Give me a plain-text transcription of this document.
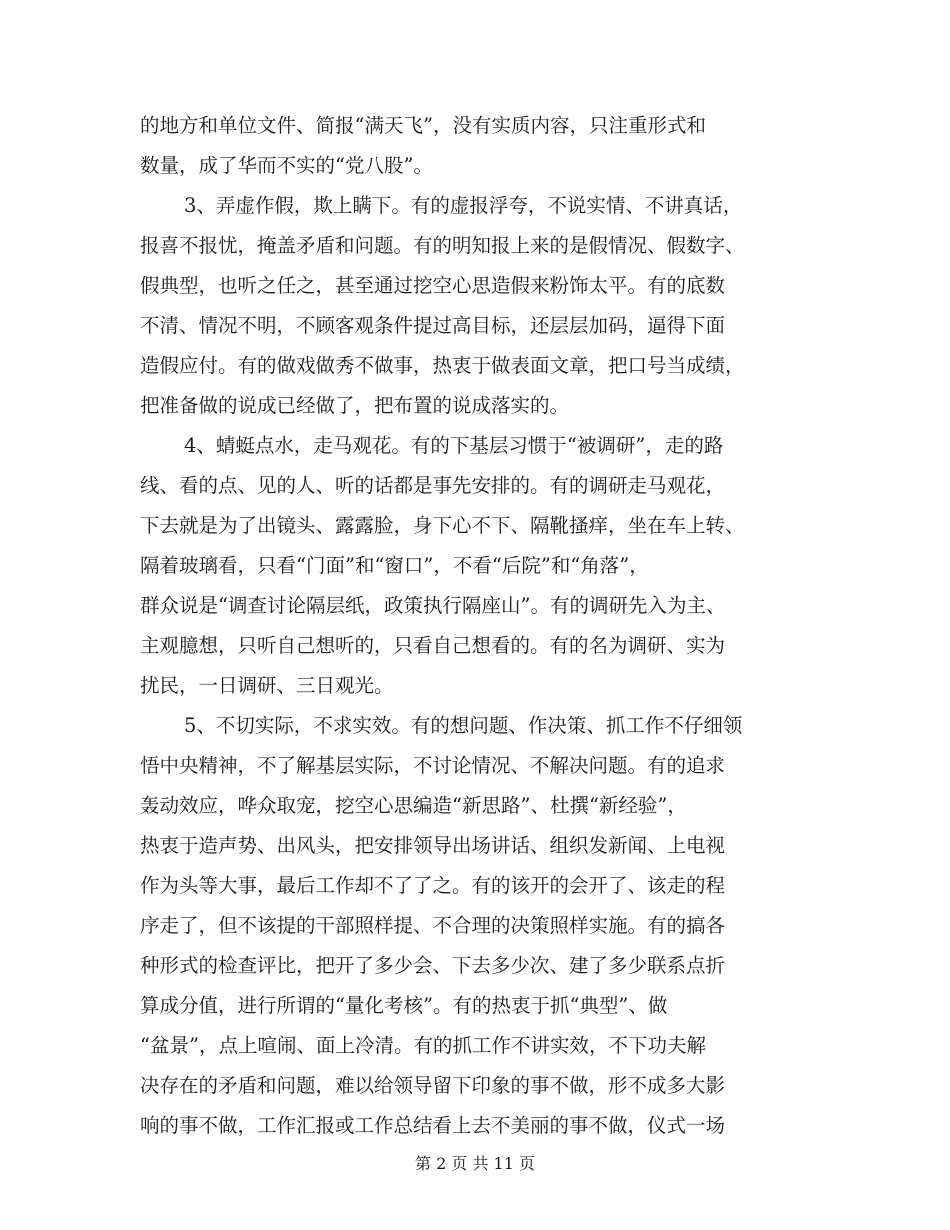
的地方和单位文件、简报“满天飞”，没有实质内容，只注重形式和
数量，成了华而不实的“党八股”。
3、弄虚作假，欺上瞒下。有的虚报浮夸，不说实情、不讲真话，
报喜不报忧，掩盖矛盾和问题。有的明知报上来的是假情况、假数字、
假典型，也听之任之，甚至通过挖空心思造假来粉饰太平。有的底数
不清、情况不明，不顾客观条件提过高目标，还层层加码，逼得下面
造假应付。有的做戏做秀不做事，热衷于做表面文章，把口号当成绩，
把准备做的说成已经做了，把布置的说成落实的。
4、蜻蜓点水，走马观花。有的下基层习惯于“被调研”，走的路
线、看的点、见的人、听的话都是事先安排的。有的调研走马观花，
下去就是为了出镜头、露露脸，身下心不下、隔靴搔痒，坐在车上转、
隔着玻璃看，只看“门面”和“窗口”，不看“后院”和“角落”，
群众说是“调查讨论隔层纸，政策执行隔座山”。有的调研先入为主、
主观臆想，只听自己想听的，只看自己想看的。有的名为调研、实为
扰民，一日调研、三日观光。
5、不切实际，不求实效。有的想问题、作决策、抓工作不仔细领
悟中央精神，不了解基层实际，不讨论情况、不解决问题。有的追求
轰动效应，哗众取宠，挖空心思编造“新思路”、杜撰“新经验”，
热衷于造声势、出风头，把安排领导出场讲话、组织发新闻、上电视
作为头等大事，最后工作却不了了之。有的该开的会开了、该走的程
序走了，但不该提的干部照样提、不合理的决策照样实施。有的搞各
种形式的检查评比，把开了多少会、下去多少次、建了多少联系点折
算成分值，进行所谓的“量化考核”。有的热衷于抓“典型”、做
“盆景”，点上喧闹、面上冷清。有的抓工作不讲实效，不下功夫解
决存在的矛盾和问题，难以给领导留下印象的事不做，形不成多大影
响的事不做，工作汇报或工作总结看上去不美丽的事不做，仪式一场
第 2 页 共 11 页
